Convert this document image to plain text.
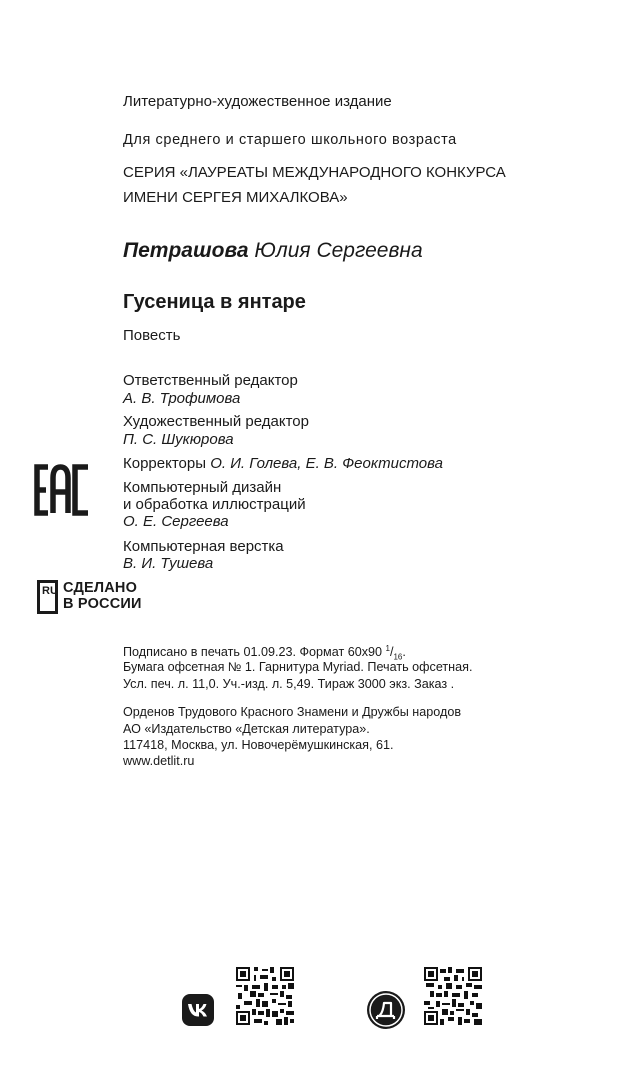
Литературно-художественное издание
Для среднего и старшего школьного возраста
СЕРИЯ «ЛАУРЕАТЫ МЕЖДУНАРОДНОГО КОНКУРСА
ИМЕНИ СЕРГЕЯ МИХАЛКОВА»
Петрашова Юлия Сергеевна
Гусеница в янтаре
Повесть
Ответственный редактор
А. В. Трофимова
Художественный редактор
П. С. Шукюрова
Корректоры О. И. Голева, Е. В. Феоктистова
Компьютерный дизайн
и обработка иллюстраций
О. Е. Сергеева
Компьютерная верстка
В. И. Тушева
RU СДЕЛАНО
В РОССИИ
Подписано в печать 01.09.23. Формат 60x90 $^1/_{16}$.
Бумага офсетная № 1. Гарнитура Myriad. Печать офсетная.
Усл. печ. л. 11,0. Уч.-изд. л. 5,49. Тираж 3000 экз. Заказ .
Орденов Трудового Красного Знамени и Дружбы народов
АО «Издательство «Детская литература».
117418, Москва, ул. Новочерёмушкинская, 61.
www.detlit.ru
